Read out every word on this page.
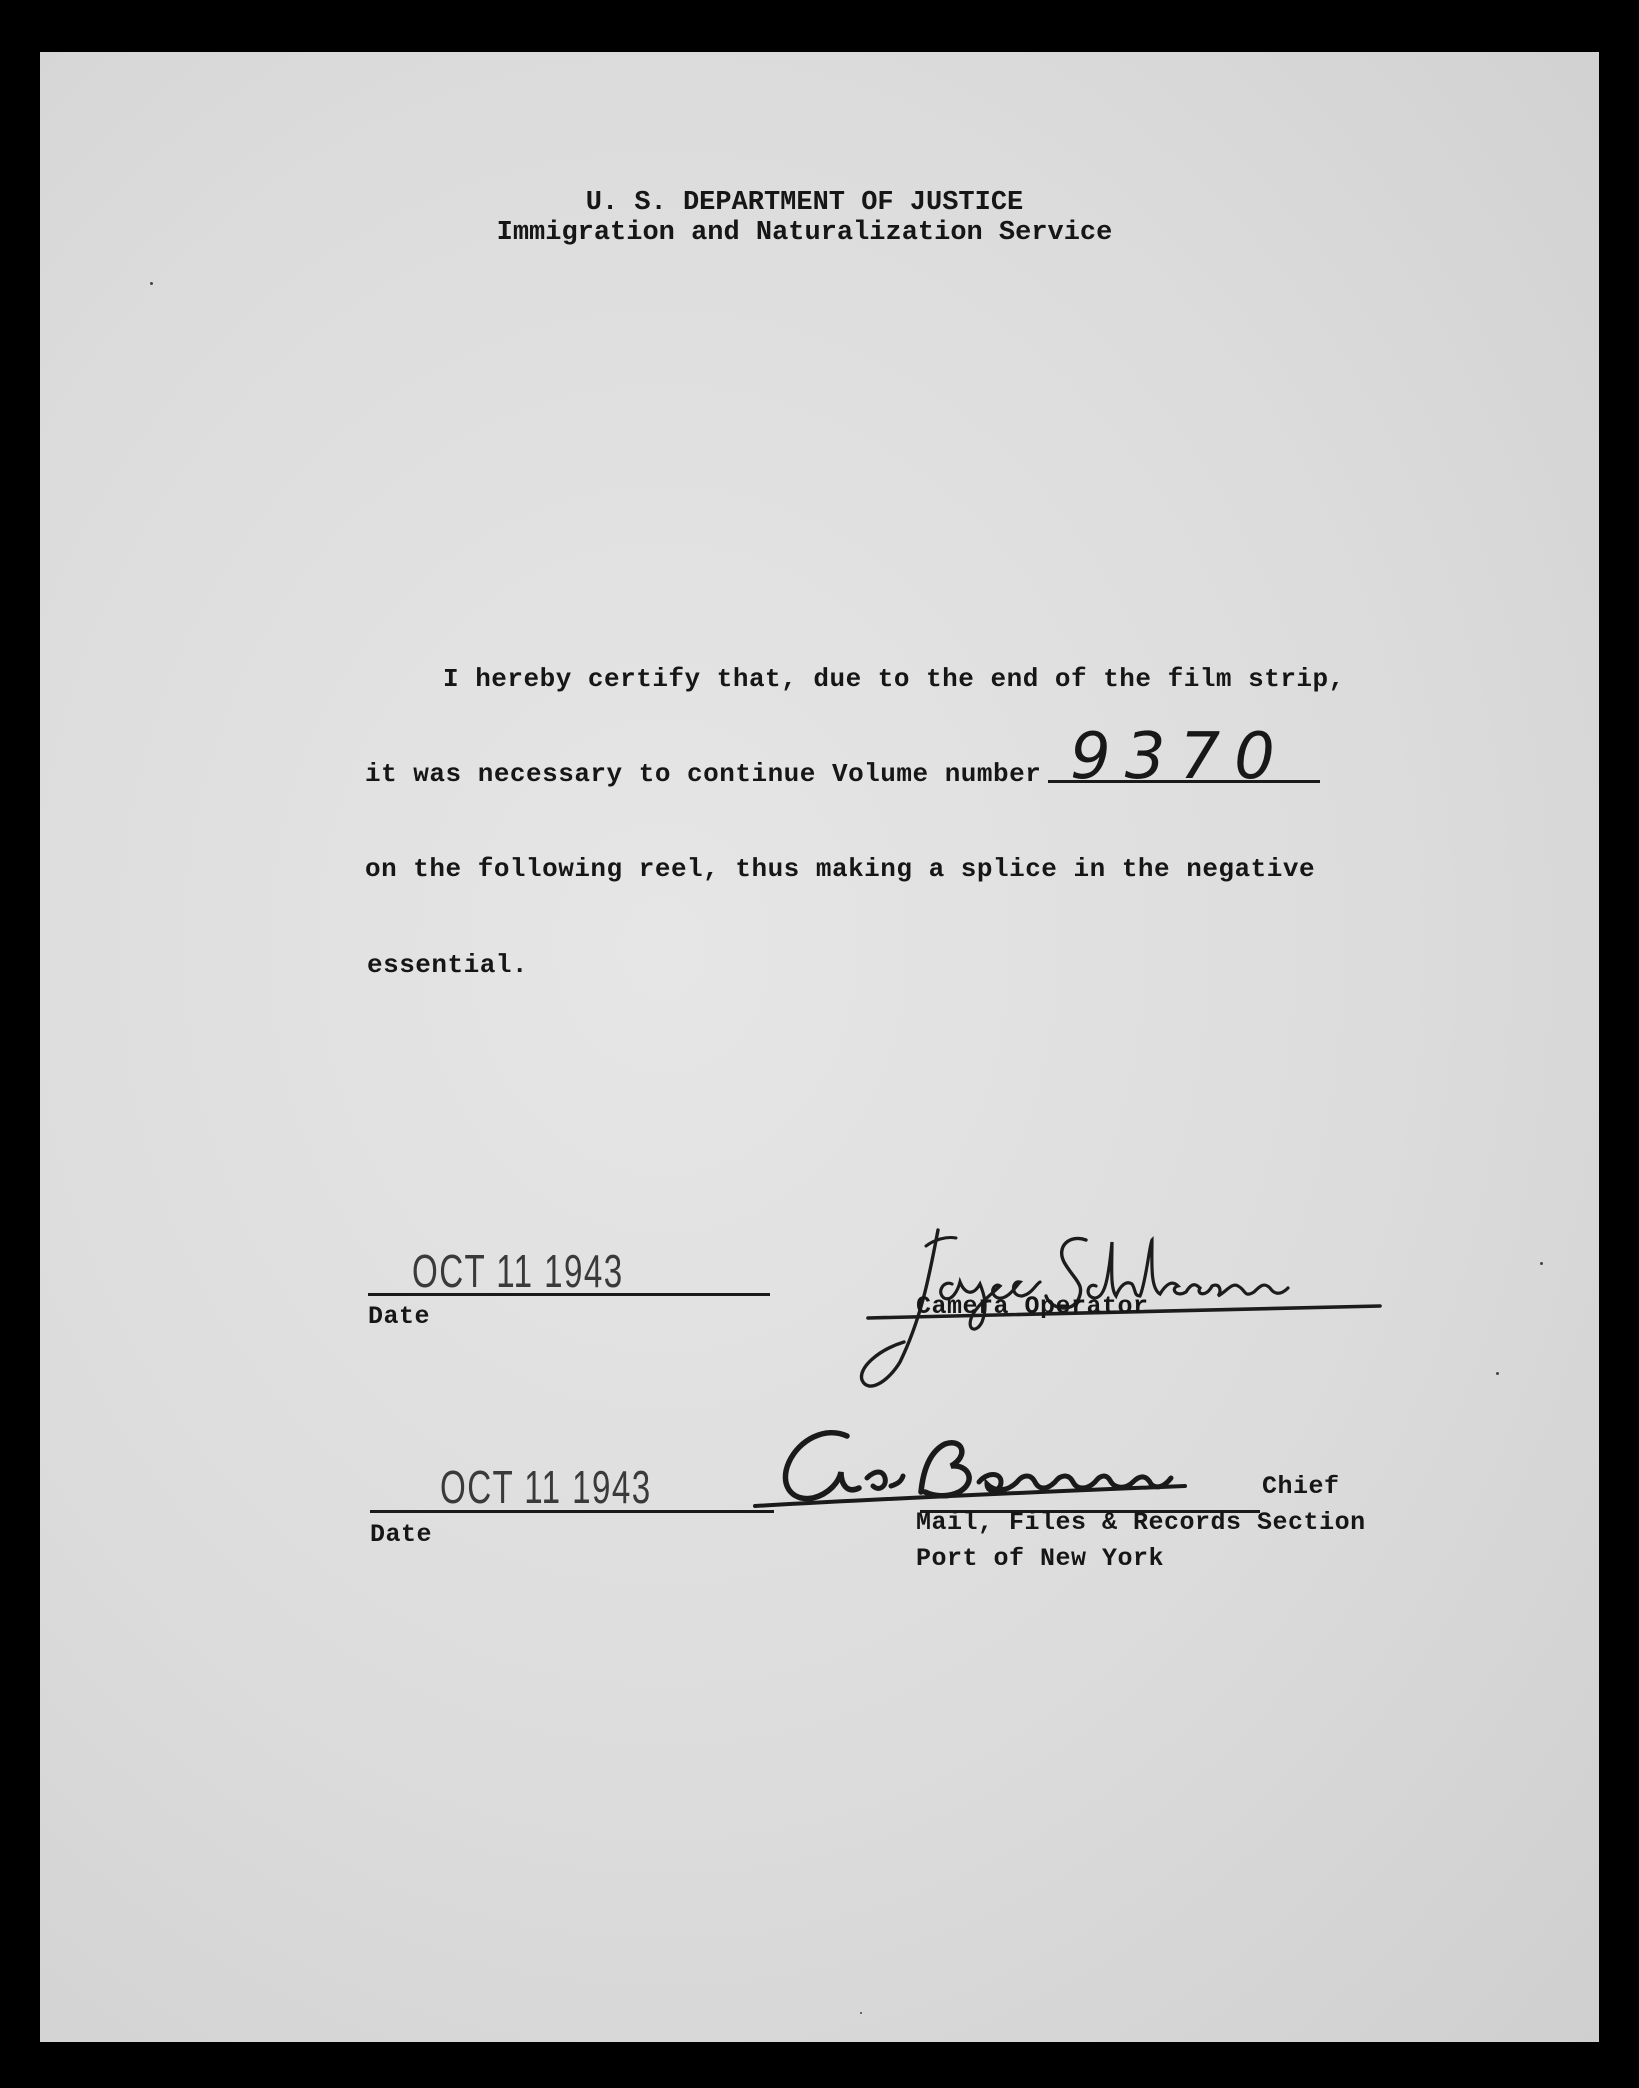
U. S. DEPARTMENT OF JUSTICE
Immigration and Naturalization Service
I hereby certify that, due to the end of the film strip,
it was necessary to continue Volume number 9370
on the following reel, thus making a splice in the negative
essential.
OCT 11 1943
Date	Camera Operator
OCT 11 1943
Date
Chief
Mail, Files & Records Section
Port of New York
